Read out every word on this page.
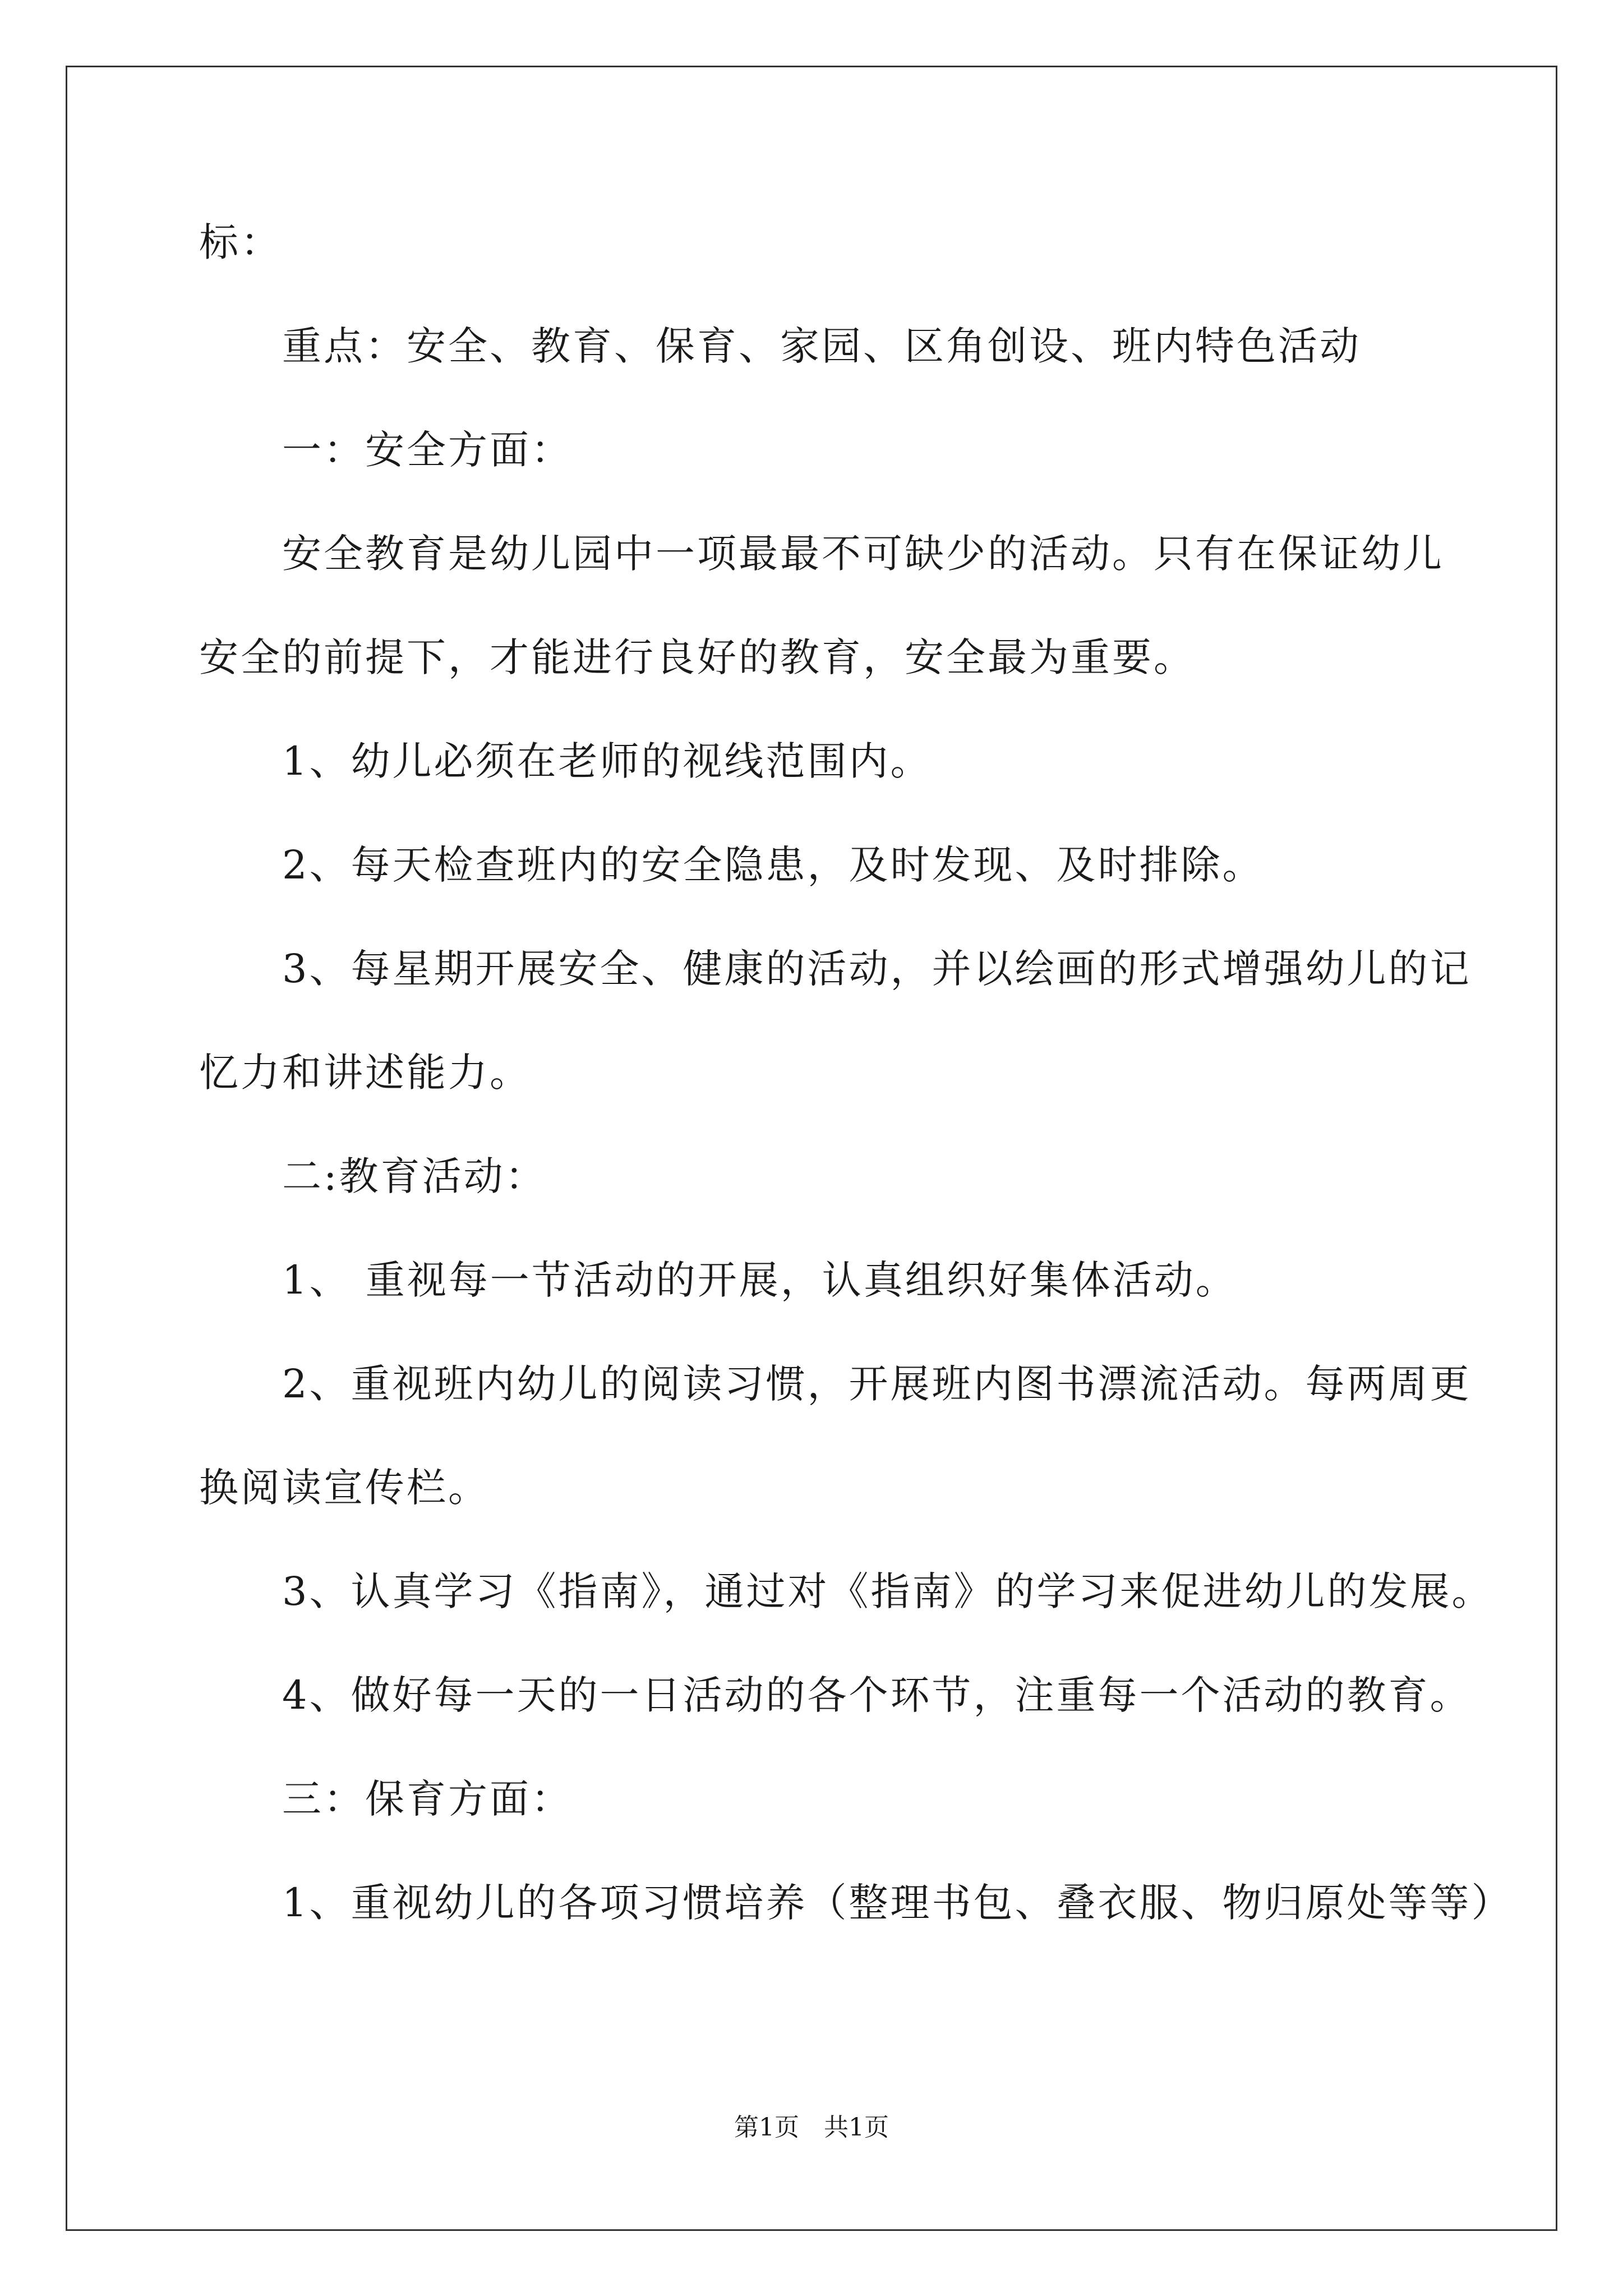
标：

重点：安全、教育、保育、家园、区角创设、班内特色活动

一：安全方面：

安全教育是幼儿园中一项最最不可缺少的活动。只有在保证幼儿

安全的前提下，才能进行良好的教育，安全最为重要。

1、幼儿必须在老师的视线范围内。

2、每天检查班内的安全隐患，及时发现、及时排除。

3、每星期开展安全、健康的活动，并以绘画的形式增强幼儿的记

忆力和讲述能力。

二:教育活动：

1、 重视每一节活动的开展，认真组织好集体活动。

2、重视班内幼儿的阅读习惯，开展班内图书漂流活动。每两周更

换阅读宣传栏。

3、认真学习《指南》，通过对《指南》的学习来促进幼儿的发展。

4、做好每一天的一日活动的各个环节，注重每一个活动的教育。

三：保育方面：

1、重视幼儿的各项习惯培养（整理书包、叠衣服、物归原处等等）

第1页 共1页
